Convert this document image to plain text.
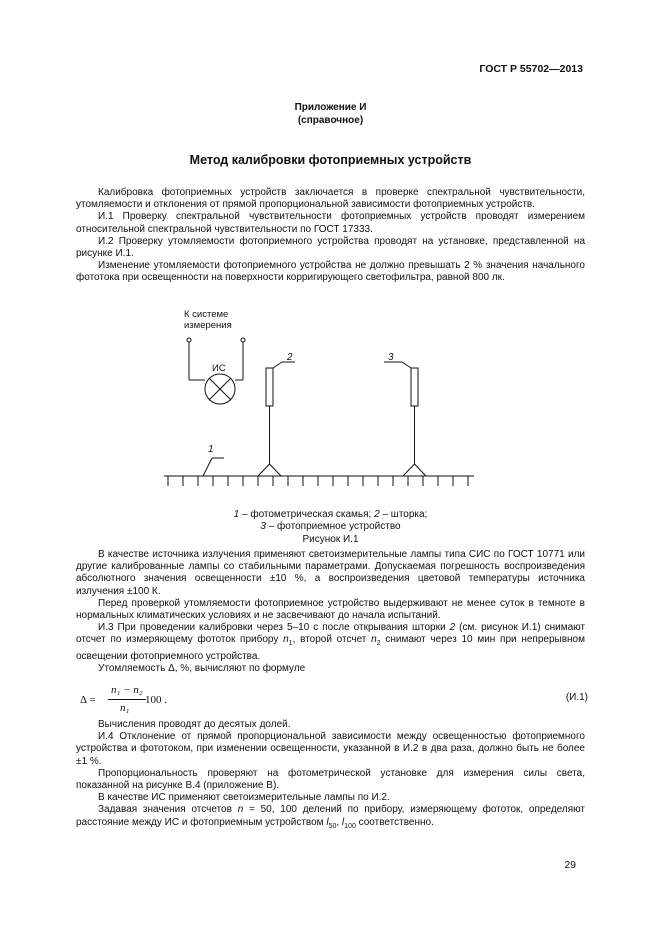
ГОСТ Р 55702—2013
Приложение И
(справочное)
Метод калибровки фотоприемных устройств

Калибровка фотоприемных устройств заключается в проверке спектральной чувствительности, утомляемости и отклонения от прямой пропорциональной зависимости фотоприемных устройств.

И.1 Проверку спектральной чувствительности фотоприемных устройств проводят измерением относительной спектральной чувствительности по ГОСТ 17333.

И.2 Проверку утомляемости фотоприемного устройства проводят на установке, представленной на рисунке И.1.

Изменение утомляемости фотоприемного устройства не должно превышать 2 % значения начального фототока при освещенности на поверхности корригирующего светофильтра, равной 800 лк.

К системе
измерения
ИС
1
2	3
1 – фотометрическая скамья; 2 – шторка;
3 – фотоприемное устройство
Рисунок И.1

В качестве источника излучения применяют светоизмерительные лампы типа СИС по ГОСТ 10771 или другие калиброванные лампы со стабильными параметрами. Допускаемая погрешность воспроизведения абсолютного значения освещенности ±10 %, а воспроизведения цветовой температуры источника излучения ±100 К.

Перед проверкой утомляемости фотоприемное устройство выдерживают не менее суток в темноте в нормальных климатических условиях и не засвечивают до начала испытаний.

И.3 При проведении калибровки через 5–10 с после открывания шторки 2 (см. рисунок И.1) снимают отсчет по измеряющему фототок прибору $n_1$, второй отсчет $n_2$ снимают через 10 мин при непрерывном освещении фотоприемного устройства.

Утомляемость Δ, %, вычисляют по формуле

Δ =
n₁ − n₂
n₁
100 .	(И.1)

Вычисления проводят до десятых долей.

И.4 Отклонение от прямой пропорциональной зависимости между освещенностью фотоприемного устройства и фототоком, при изменении освещенности, указанной в И.2 в два раза, должно быть не более ±1 %.

Пропорциональность проверяют на фотометрической установке для измерения силы света, показанной на рисунке В.4 (приложение В).

В качестве ИС применяют светоизмерительные лампы по И.2.

Задавая значения отсчетов n = 50, 100 делений по прибору, измеряющему фототок, определяют расстояние между ИС и фотоприемным устройством $l_{50}$, $l_{100}$ соответственно.

29
